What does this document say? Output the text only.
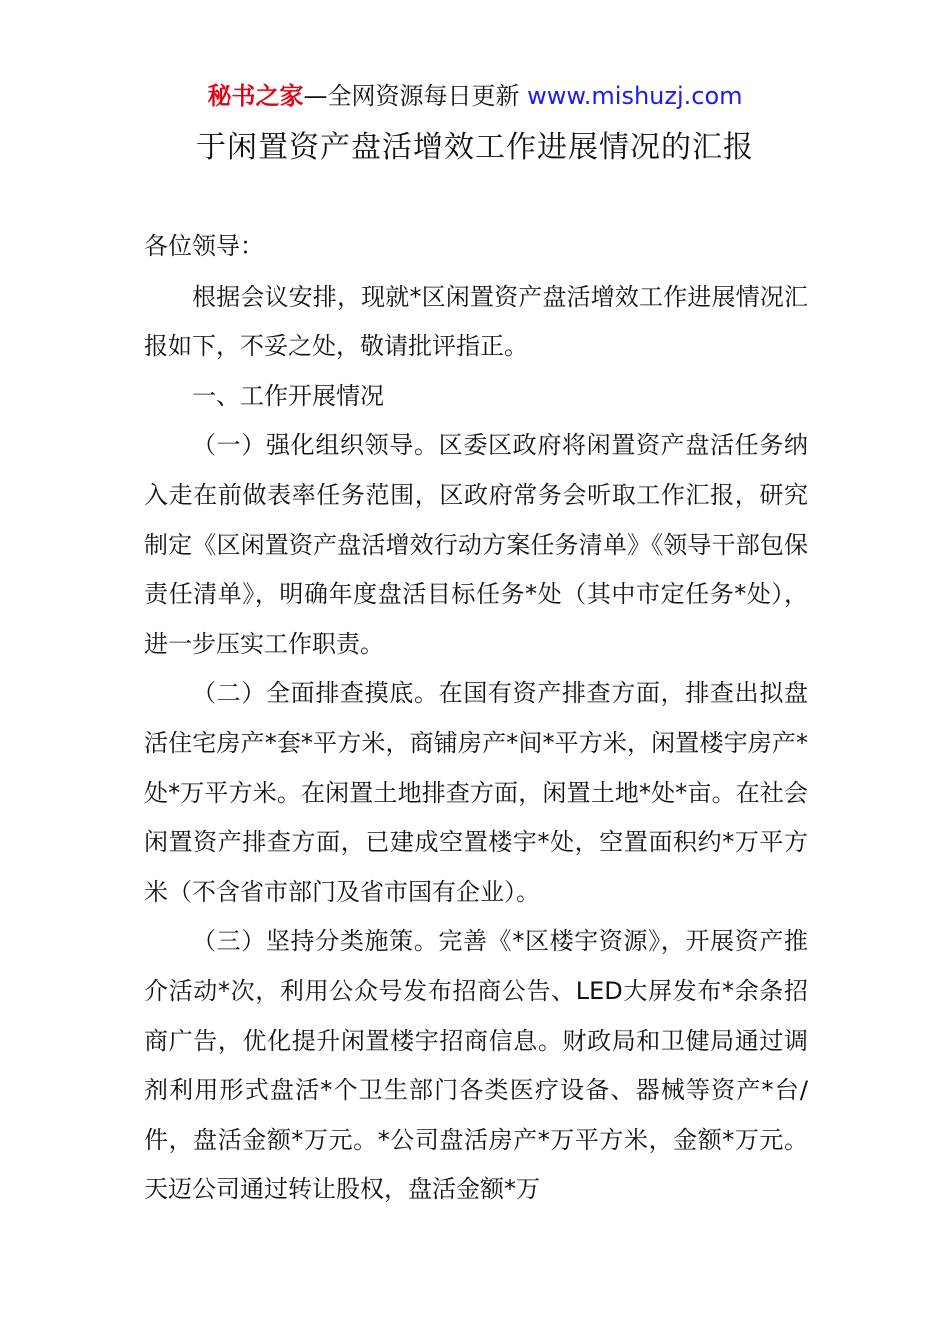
秘书之家—全网资源每日更新 www.mishuzj.com
于闲置资产盘活增效工作进展情况的汇报

各位领导：

根据会议安排，现就*区闲置资产盘活增效工作进展情况汇报如下，不妥之处，敬请批评指正。

一、工作开展情况

（一）强化组织领导。区委区政府将闲置资产盘活任务纳入走在前做表率任务范围，区政府常务会听取工作汇报，研究制定《区闲置资产盘活增效行动方案任务清单》《领导干部包保责任清单》，明确年度盘活目标任务*处（其中市定任务*处），进一步压实工作职责。

（二）全面排查摸底。在国有资产排查方面，排查出拟盘活住宅房产*套*平方米，商铺房产*间*平方米，闲置楼宇房产*处*万平方米。在闲置土地排查方面，闲置土地*处*亩。在社会闲置资产排查方面，已建成空置楼宇*处，空置面积约*万平方米（不含省市部门及省市国有企业）。

（三）坚持分类施策。完善《*区楼宇资源》，开展资产推介活动*次，利用公众号发布招商公告、LED大屏发布*余条招商广告，优化提升闲置楼宇招商信息。财政局和卫健局通过调剂利用形式盘活*个卫生部门各类医疗设备、器械等资产*台/件，盘活金额*万元。*公司盘活房产*万平方米，金额*万元。天迈公司通过转让股权，盘活金额*万
